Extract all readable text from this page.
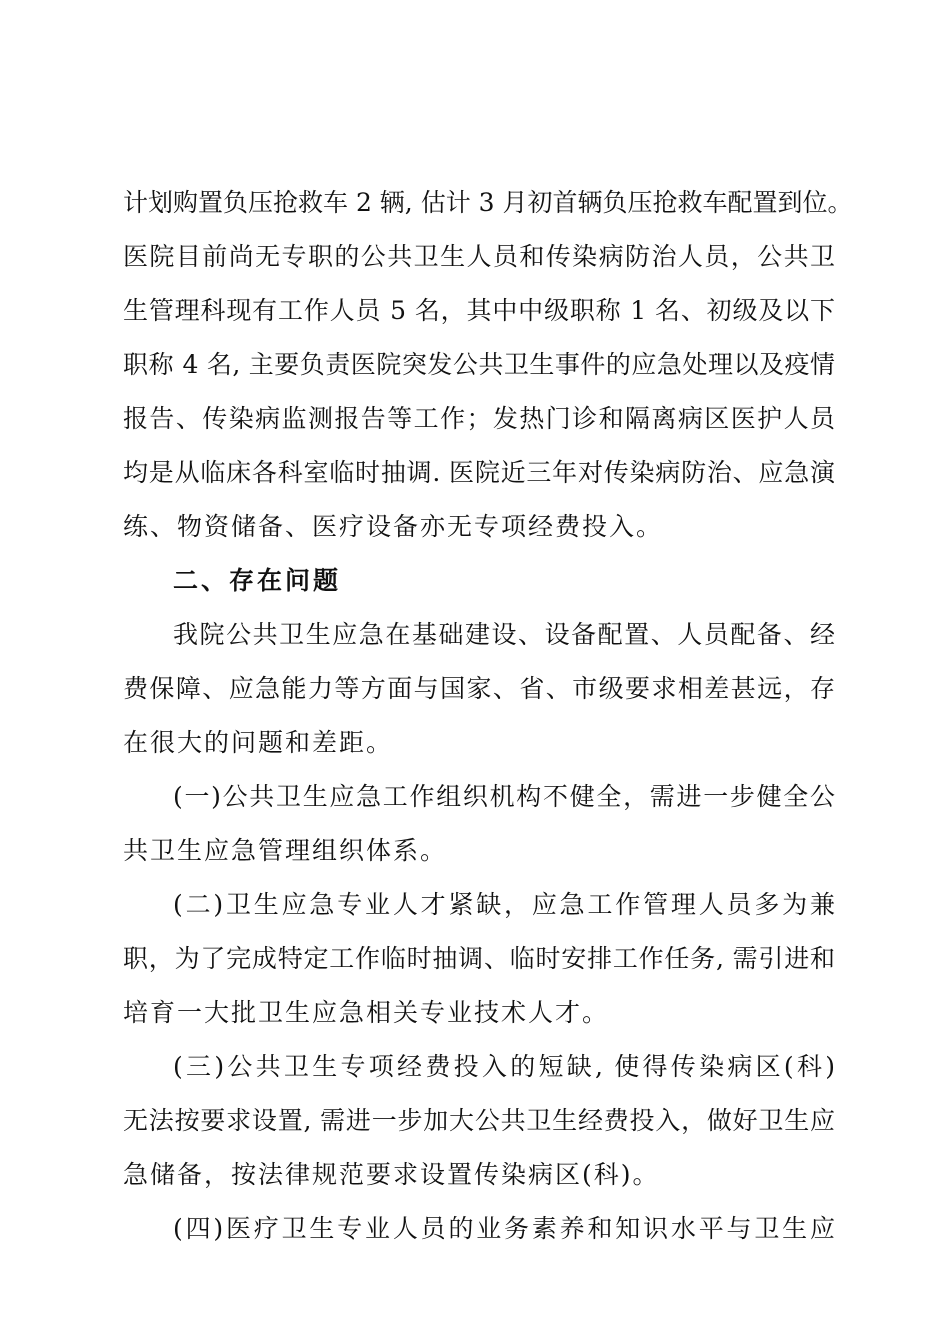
计划购置负压抢救车 2 辆, 估计 3 月初首辆负压抢救车配置到位。
医院目前尚无专职的公共卫生人员和传染病防治人员，公共卫
生管理科现有工作人员 5 名，其中中级职称 1 名、初级及以下
职称 4 名, 主要负责医院突发公共卫生事件的应急处理以及疫情
报告、传染病监测报告等工作；发热门诊和隔离病区医护人员
均是从临床各科室临时抽调. 医院近三年对传染病防治、应急演
练、物资储备、医疗设备亦无专项经费投入。
二、存在问题
我院公共卫生应急在基础建设、设备配置、人员配备、经
费保障、应急能力等方面与国家、省、市级要求相差甚远，存
在很大的问题和差距。
(一)公共卫生应急工作组织机构不健全，需进一步健全公
共卫生应急管理组织体系。
(二)卫生应急专业人才紧缺，应急工作管理人员多为兼
职，为了完成特定工作临时抽调、临时安排工作任务, 需引进和
培育一大批卫生应急相关专业技术人才。
(三)公共卫生专项经费投入的短缺, 使得传染病区(科)
无法按要求设置, 需进一步加大公共卫生经费投入，做好卫生应
急储备，按法律规范要求设置传染病区(科)。
(四)医疗卫生专业人员的业务素养和知识水平与卫生应
